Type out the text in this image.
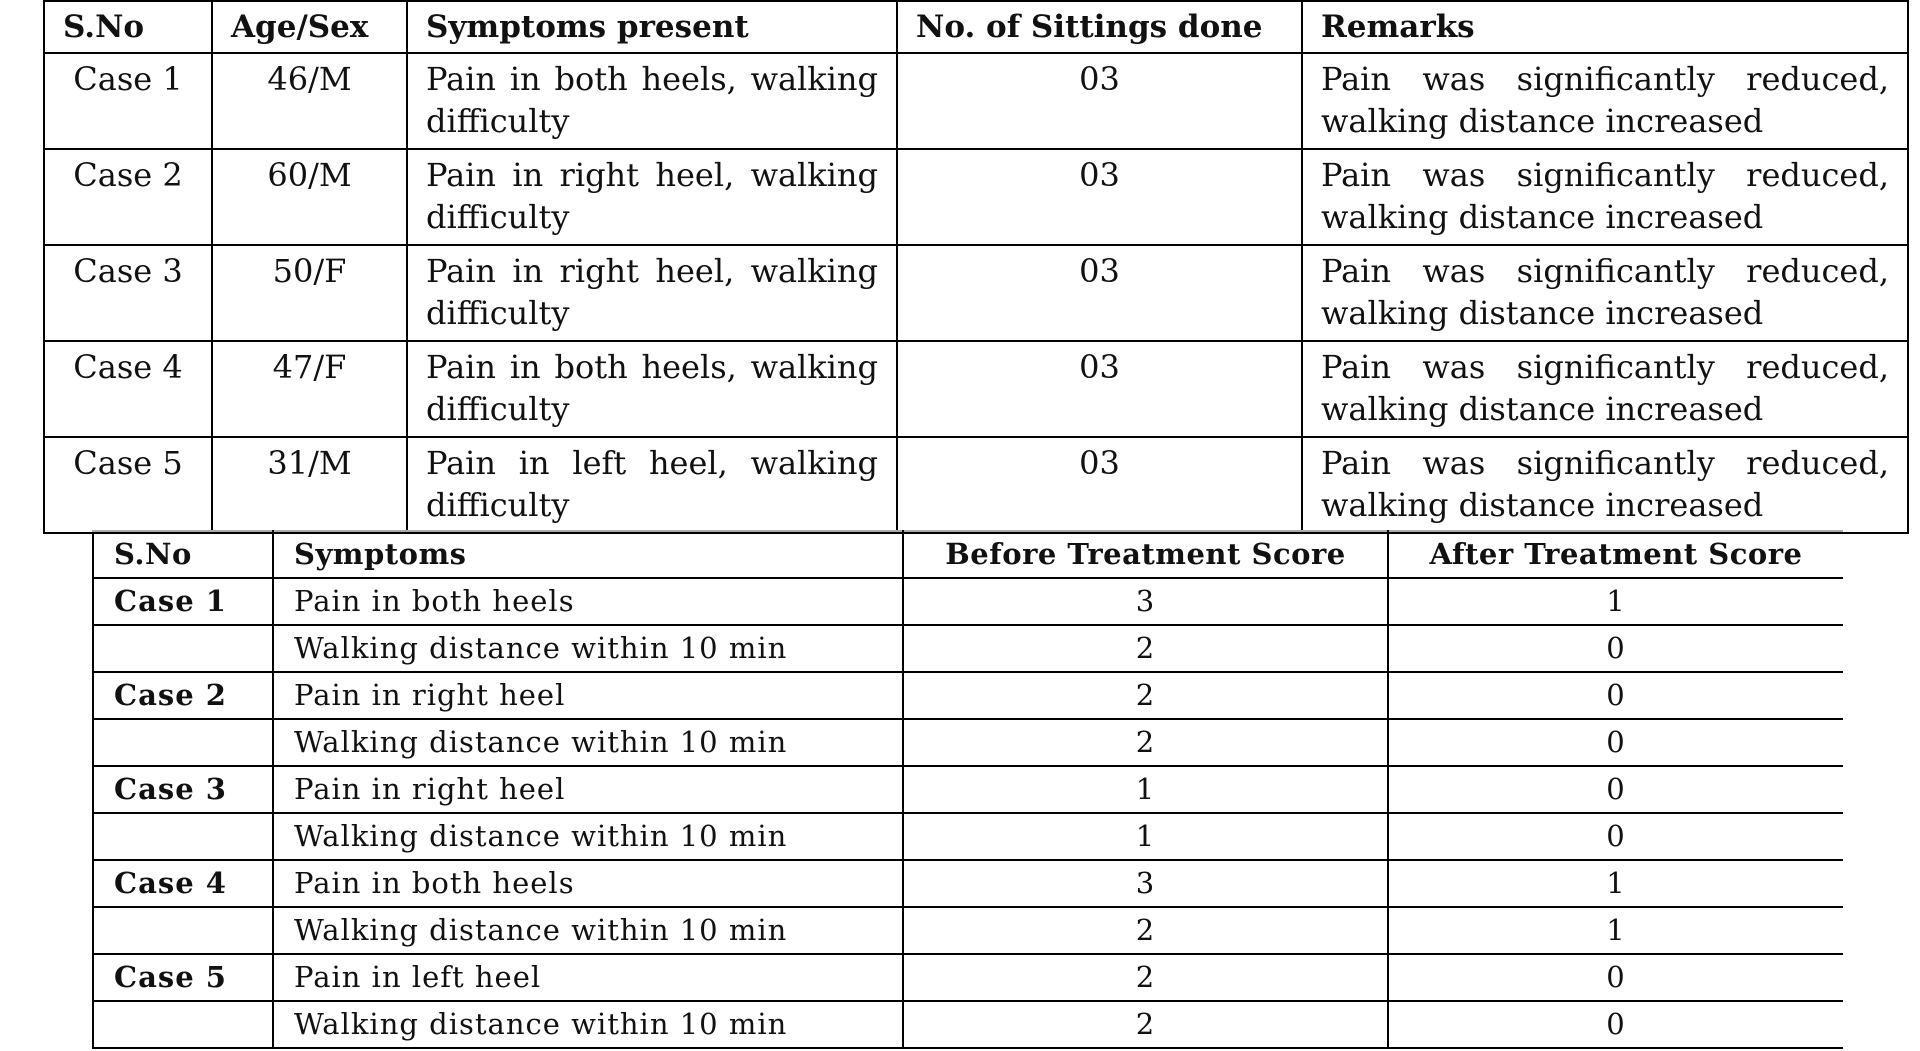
S.No	Age/Sex	Symptoms present	No. of Sittings done	Remarks
Case 1	46/M	Pain in both heels, walking difficulty	03	Pain was significantly reduced, walking distance increased
Case 2	60/M	Pain in right heel, walking difficulty	03	Pain was significantly reduced, walking distance increased
Case 3	50/F	Pain in right heel, walking difficulty	03	Pain was significantly reduced, walking distance increased
Case 4	47/F	Pain in both heels, walking difficulty	03	Pain was significantly reduced, walking distance increased
Case 5	31/M	Pain in left heel, walking difficulty	03	Pain was significantly reduced, walking distance increased
S.No	Symptoms	Before Treatment Score	After Treatment Score
Case 1	Pain in both heels	3	1
	Walking distance within 10 min	2	0
Case 2	Pain in right heel	2	0
	Walking distance within 10 min	2	0
Case 3	Pain in right heel	1	0
	Walking distance within 10 min	1	0
Case 4	Pain in both heels	3	1
	Walking distance within 10 min	2	1
Case 5	Pain in left heel	2	0
	Walking distance within 10 min	2	0
